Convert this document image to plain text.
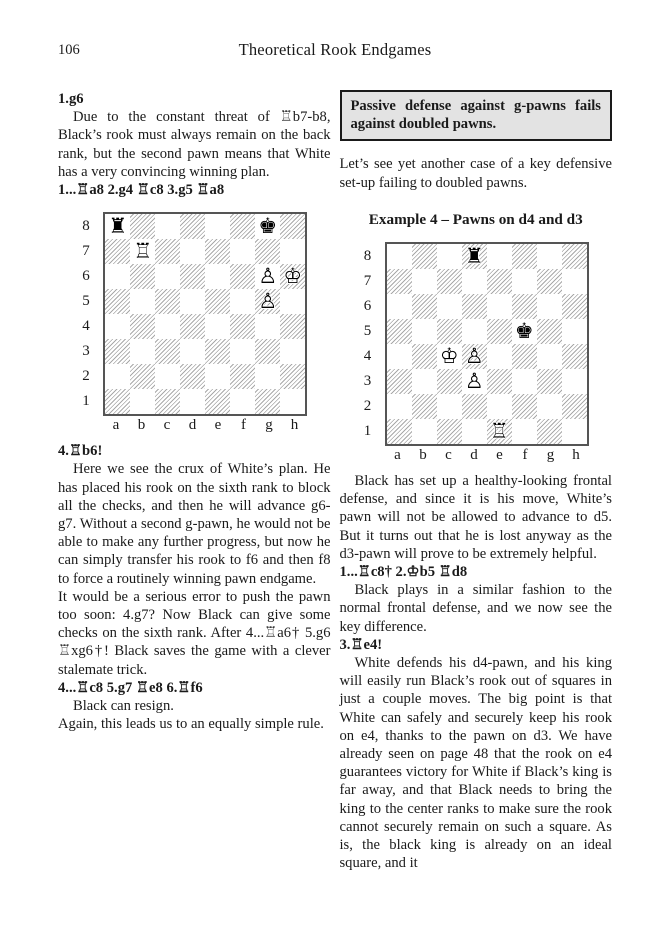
106	Theoretical Rook Endgames

1.g6

Due to the constant threat of ♖b7-b8, Black’s rook must always remain on the back rank, but the second pawn means that White has a very convincing winning plan.

1...♖a8 2.g4 ♖c8 3.g5 ♖a8

8
7
6
5
4
3
2
1
♜	♚
♖
♙ ♔
♙
a	b	c	d	e	f	g	h

4.♖b6!

Here we see the crux of White’s plan. He has placed his rook on the sixth rank to block all the checks, and then he will advance g6-g7. Without a second g-pawn, he would not be able to make any further progress, but now he can simply transfer his rook to f6 and then f8 to force a routinely winning pawn endgame.

It would be a serious error to push the pawn too soon: 4.g7? Now Black can give some checks on the sixth rank. After 4...♖a6† 5.g6 ♖xg6†! Black saves the game with a clever stalemate trick.

4...♖c8 5.g7 ♖e8 6.♖f6

Black can resign.

Again, this leads us to an equally simple rule.

Passive defense against g-pawns fails against doubled pawns.

Let’s see yet another case of a key defensive set-up failing to doubled pawns.

Example 4 – Pawns on d4 and d3

8
7
6
5
4
3
2
1
♜
♚
♔ ♙
♙
♖
a	b	c	d	e	f	g	h

Black has set up a healthy-looking frontal defense, and since it is his move, White’s pawn will not be allowed to advance to d5. But it turns out that he is lost anyway as the d3-pawn will prove to be extremely helpful.

1...♖c8† 2.♔b5 ♖d8

Black plays in a similar fashion to the normal frontal defense, and we now see the key difference.

3.♖e4!

White defends his d4-pawn, and his king will easily run Black’s rook out of squares in just a couple moves. The big point is that White can safely and securely keep his rook on e4, thanks to the pawn on d3. We have already seen on page 48 that the rook on e4 guarantees victory for White if Black’s king is far away, and that Black needs to bring the king to the center ranks to make sure the rook cannot securely remain on such a square. As is, the black king is already on an ideal square, and it
